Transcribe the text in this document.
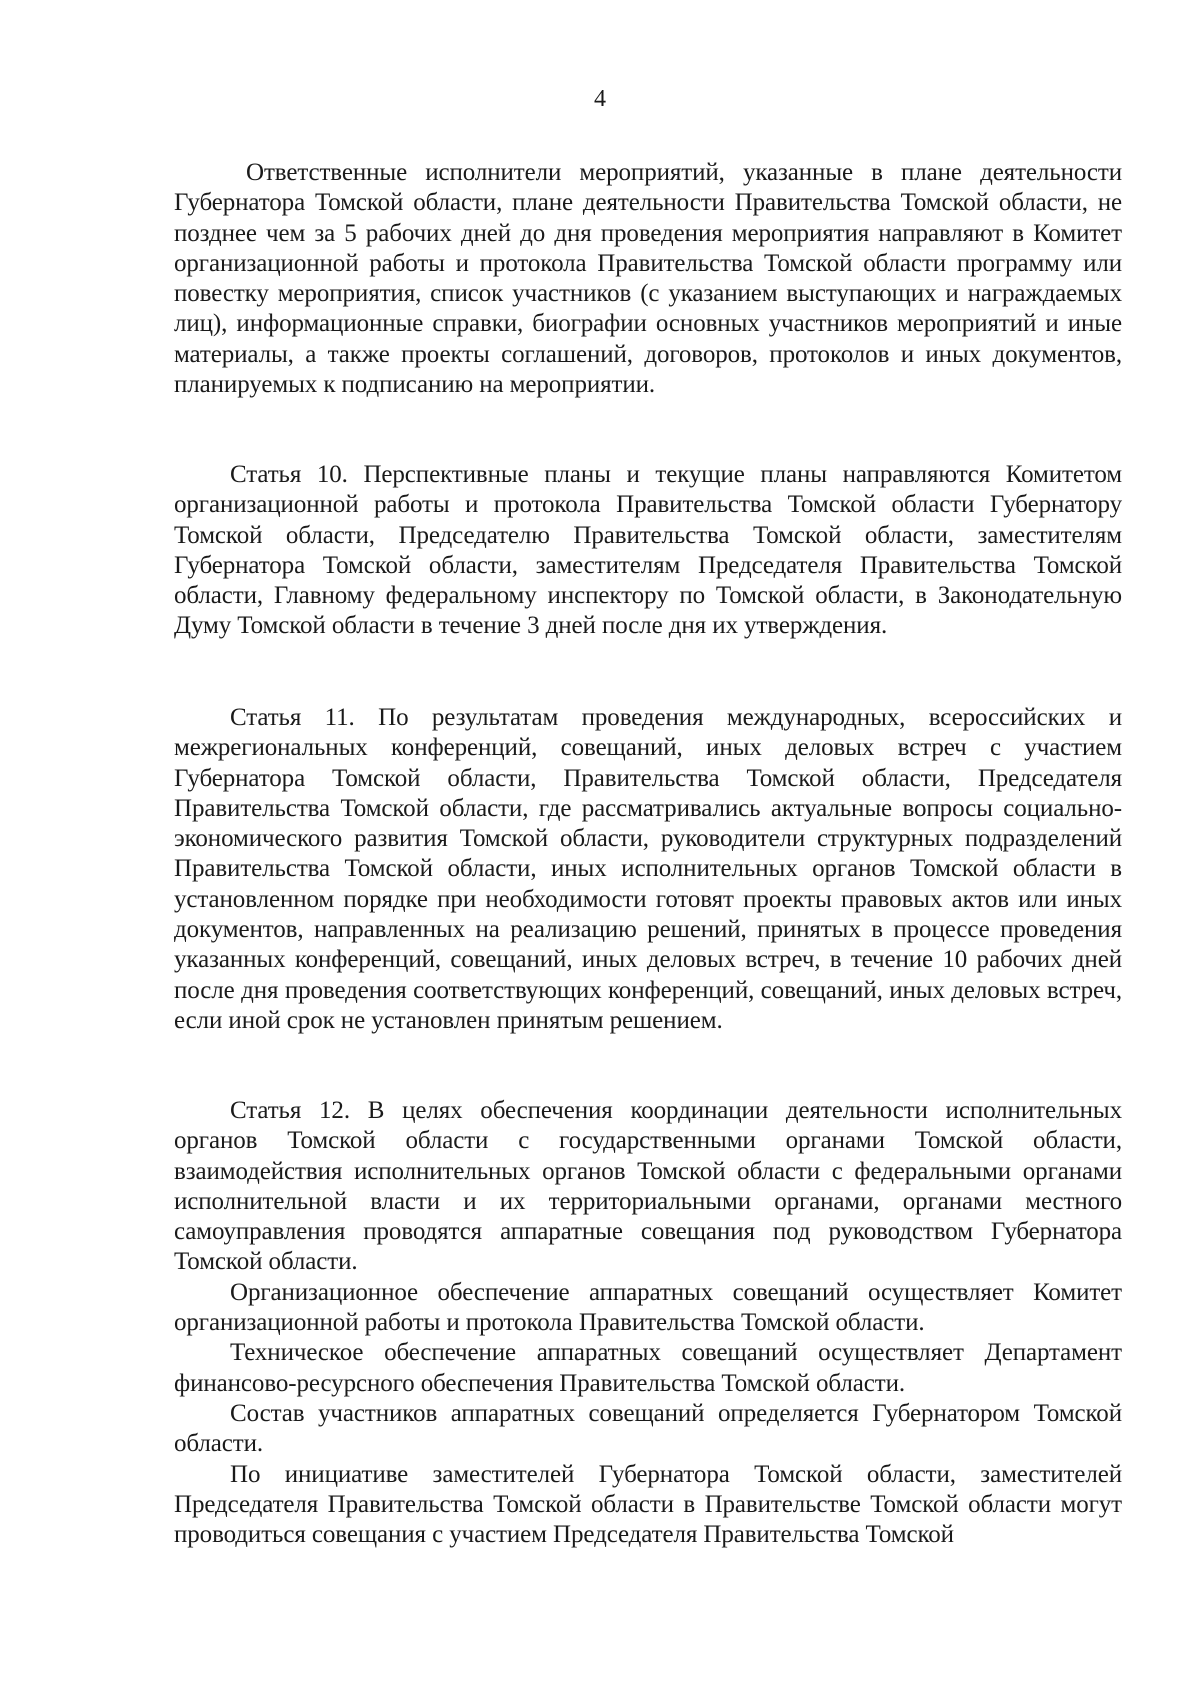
4

Ответственные исполнители мероприятий, указанные в плане деятельности Губернатора Томской области, плане деятельности Правительства Томской области, не позднее чем за 5 рабочих дней до дня проведения мероприятия направляют в Комитет организационной работы и протокола Правительства Томской области программу или повестку мероприятия, список участников (с указанием выступающих и награждаемых лиц), информационные справки, биографии основных участников мероприятий и иные материалы, а также проекты соглашений, договоров, протоколов и иных документов, планируемых к подписанию на мероприятии.

Статья 10. Перспективные планы и текущие планы направляются Комитетом организационной работы и протокола Правительства Томской области Губернатору Томской области, Председателю Правительства Томской области, заместителям Губернатора Томской области, заместителям Председателя Правительства Томской области, Главному федеральному инспектору по Томской области, в Законодательную Думу Томской области в течение 3 дней после дня их утверждения.

Статья 11. По результатам проведения международных, всероссийских и межрегиональных конференций, совещаний, иных деловых встреч с участием Губернатора Томской области, Правительства Томской области, Председателя Правительства Томской области, где рассматривались актуальные вопросы социально-экономического развития Томской области, руководители структурных подразделений Правительства Томской области, иных исполнительных органов Томской области в установленном порядке при необходимости готовят проекты правовых актов или иных документов, направленных на реализацию решений, принятых в процессе проведения указанных конференций, совещаний, иных деловых встреч, в течение 10 рабочих дней после дня проведения соответствующих конференций, совещаний, иных деловых встреч, если иной срок не установлен принятым решением.

Статья 12. В целях обеспечения координации деятельности исполнительных органов Томской области с государственными органами Томской области, взаимодействия исполнительных органов Томской области с федеральными органами исполнительной власти и их территориальными органами, органами местного самоуправления проводятся аппаратные совещания под руководством Губернатора Томской области.

Организационное обеспечение аппаратных совещаний осуществляет Комитет организационной работы и протокола Правительства Томской области.

Техническое обеспечение аппаратных совещаний осуществляет Департамент финансово-ресурсного обеспечения Правительства Томской области.

Состав участников аппаратных совещаний определяется Губернатором Томской области.

По инициативе заместителей Губернатора Томской области, заместителей Председателя Правительства Томской области в Правительстве Томской области могут проводиться совещания с участием Председателя Правительства Томской
